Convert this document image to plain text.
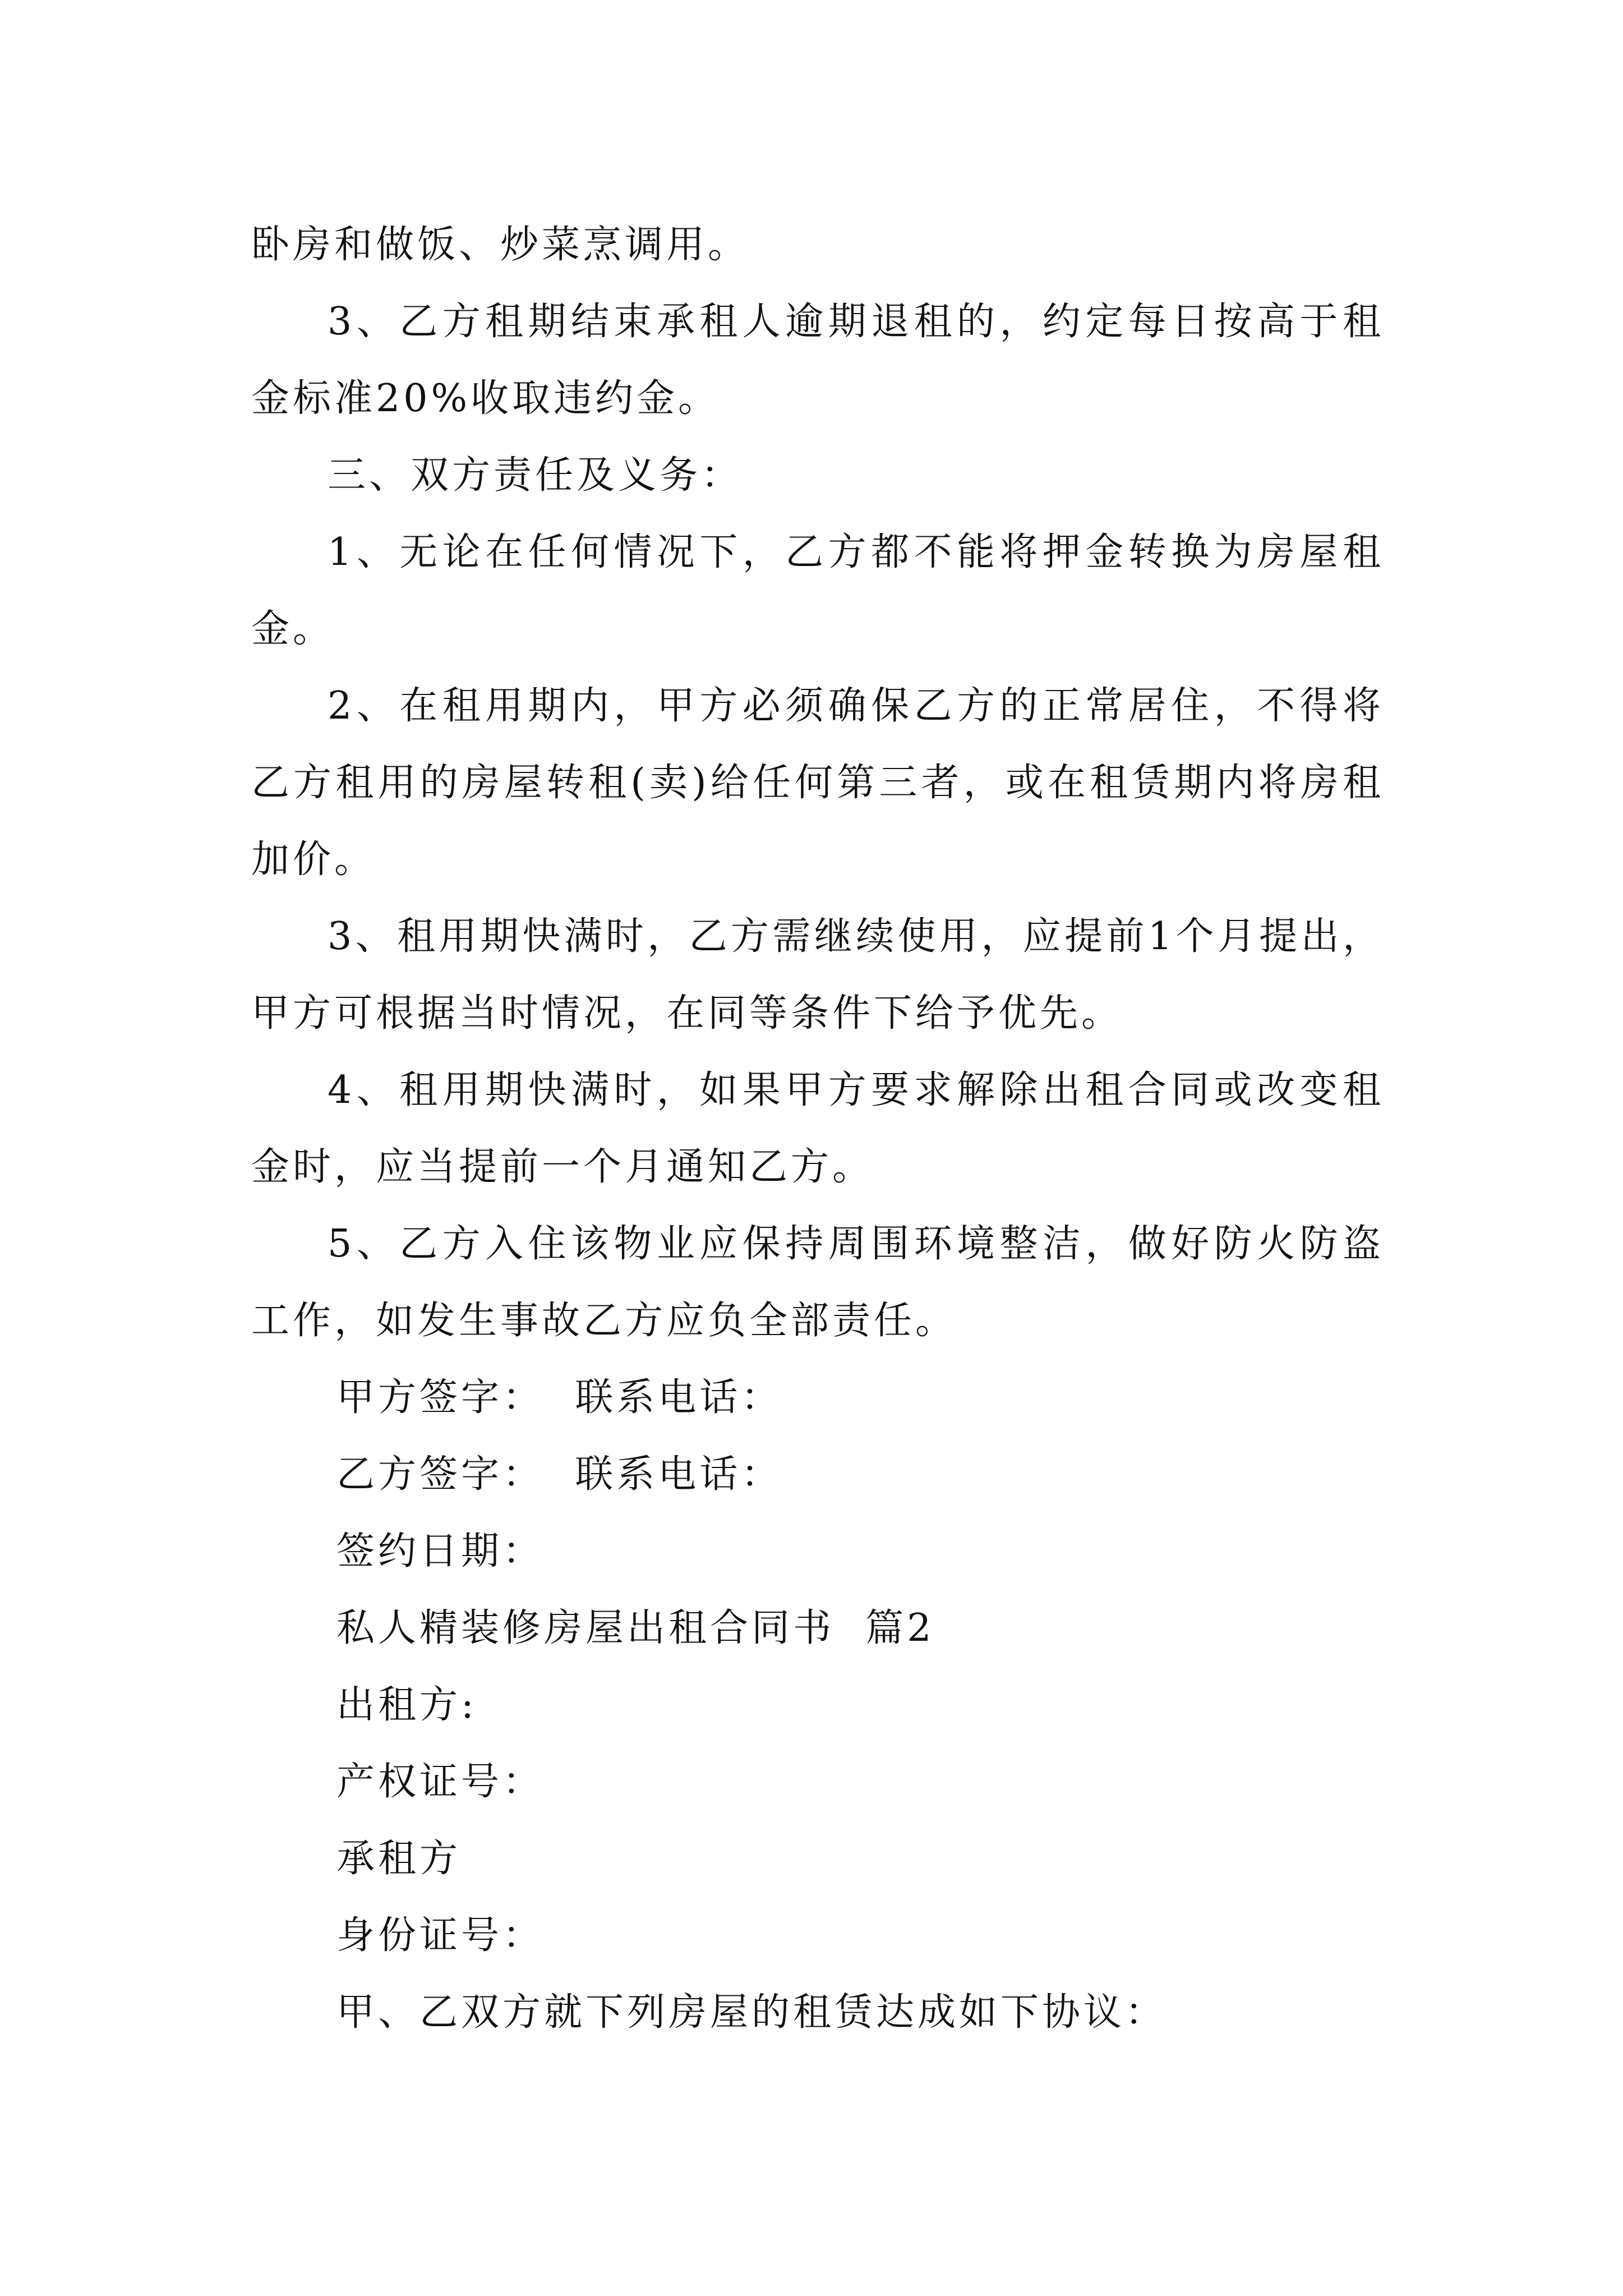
卧房和做饭、炒菜烹调用。

3、乙方租期结束承租人逾期退租的，约定每日按高于租金标准20%收取违约金。

三、双方责任及义务：

1、无论在任何情况下，乙方都不能将押金转换为房屋租金。

2、在租用期内，甲方必须确保乙方的正常居住，不得将乙方租用的房屋转租(卖)给任何第三者，或在租赁期内将房租加价。

3、租用期快满时，乙方需继续使用，应提前1个月提出，甲方可根据当时情况，在同等条件下给予优先。

4、租用期快满时，如果甲方要求解除出租合同或改变租金时，应当提前一个月通知乙方。

5、乙方入住该物业应保持周围环境整洁，做好防火防盗工作，如发生事故乙方应负全部责任。

甲方签字：  联系电话：

乙方签字：  联系电话：

签约日期：

私人精装修房屋出租合同书  篇2

出租方:

产权证号：

承租方

身份证号：

甲、乙双方就下列房屋的租赁达成如下协议：
